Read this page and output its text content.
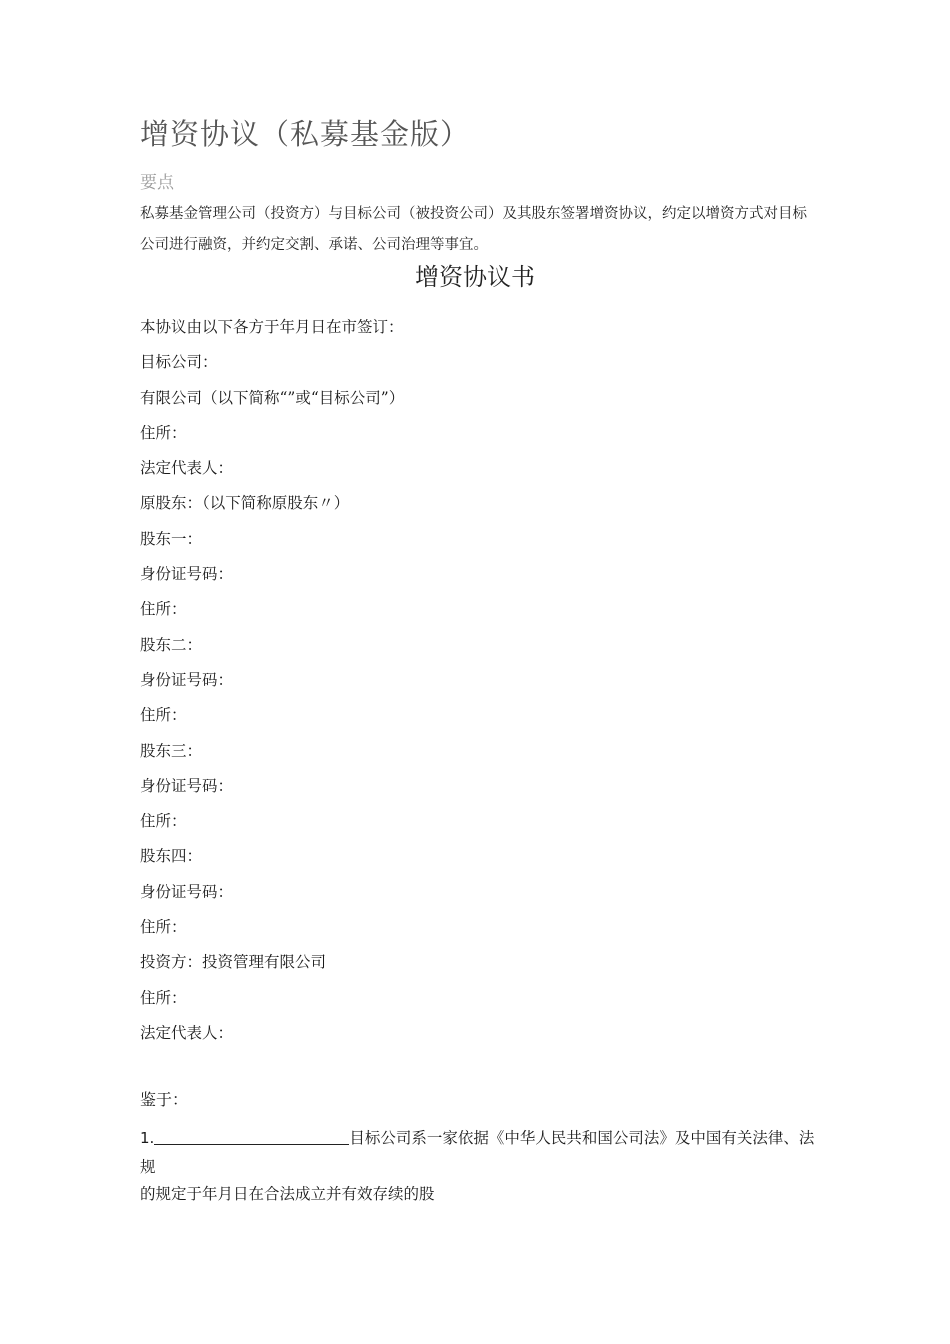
增资协议（私募基金版）
要点
私募基金管理公司（投资方）与目标公司（被投资公司）及其股东签署增资协议，约定以增资方式对目标公司进行融资，并约定交割、承诺、公司治理等事宜。
增资协议书
本协议由以下各方于年月日在市签订：
目标公司：
有限公司（以下简称“”或“目标公司”）
住所：
法定代表人：
原股东：（以下简称原股东〃）
股东一：
身份证号码：
住所：
股东二：
身份证号码：
住所：
股东三：
身份证号码：
住所：
股东四：
身份证号码：
住所：
投资方：投资管理有限公司
住所：
法定代表人：
鉴于：
1.	目标公司系一家依据《中华人民共和国公司法》及中国有关法律、法规
的规定于年月日在合法成立并有效存续的股
